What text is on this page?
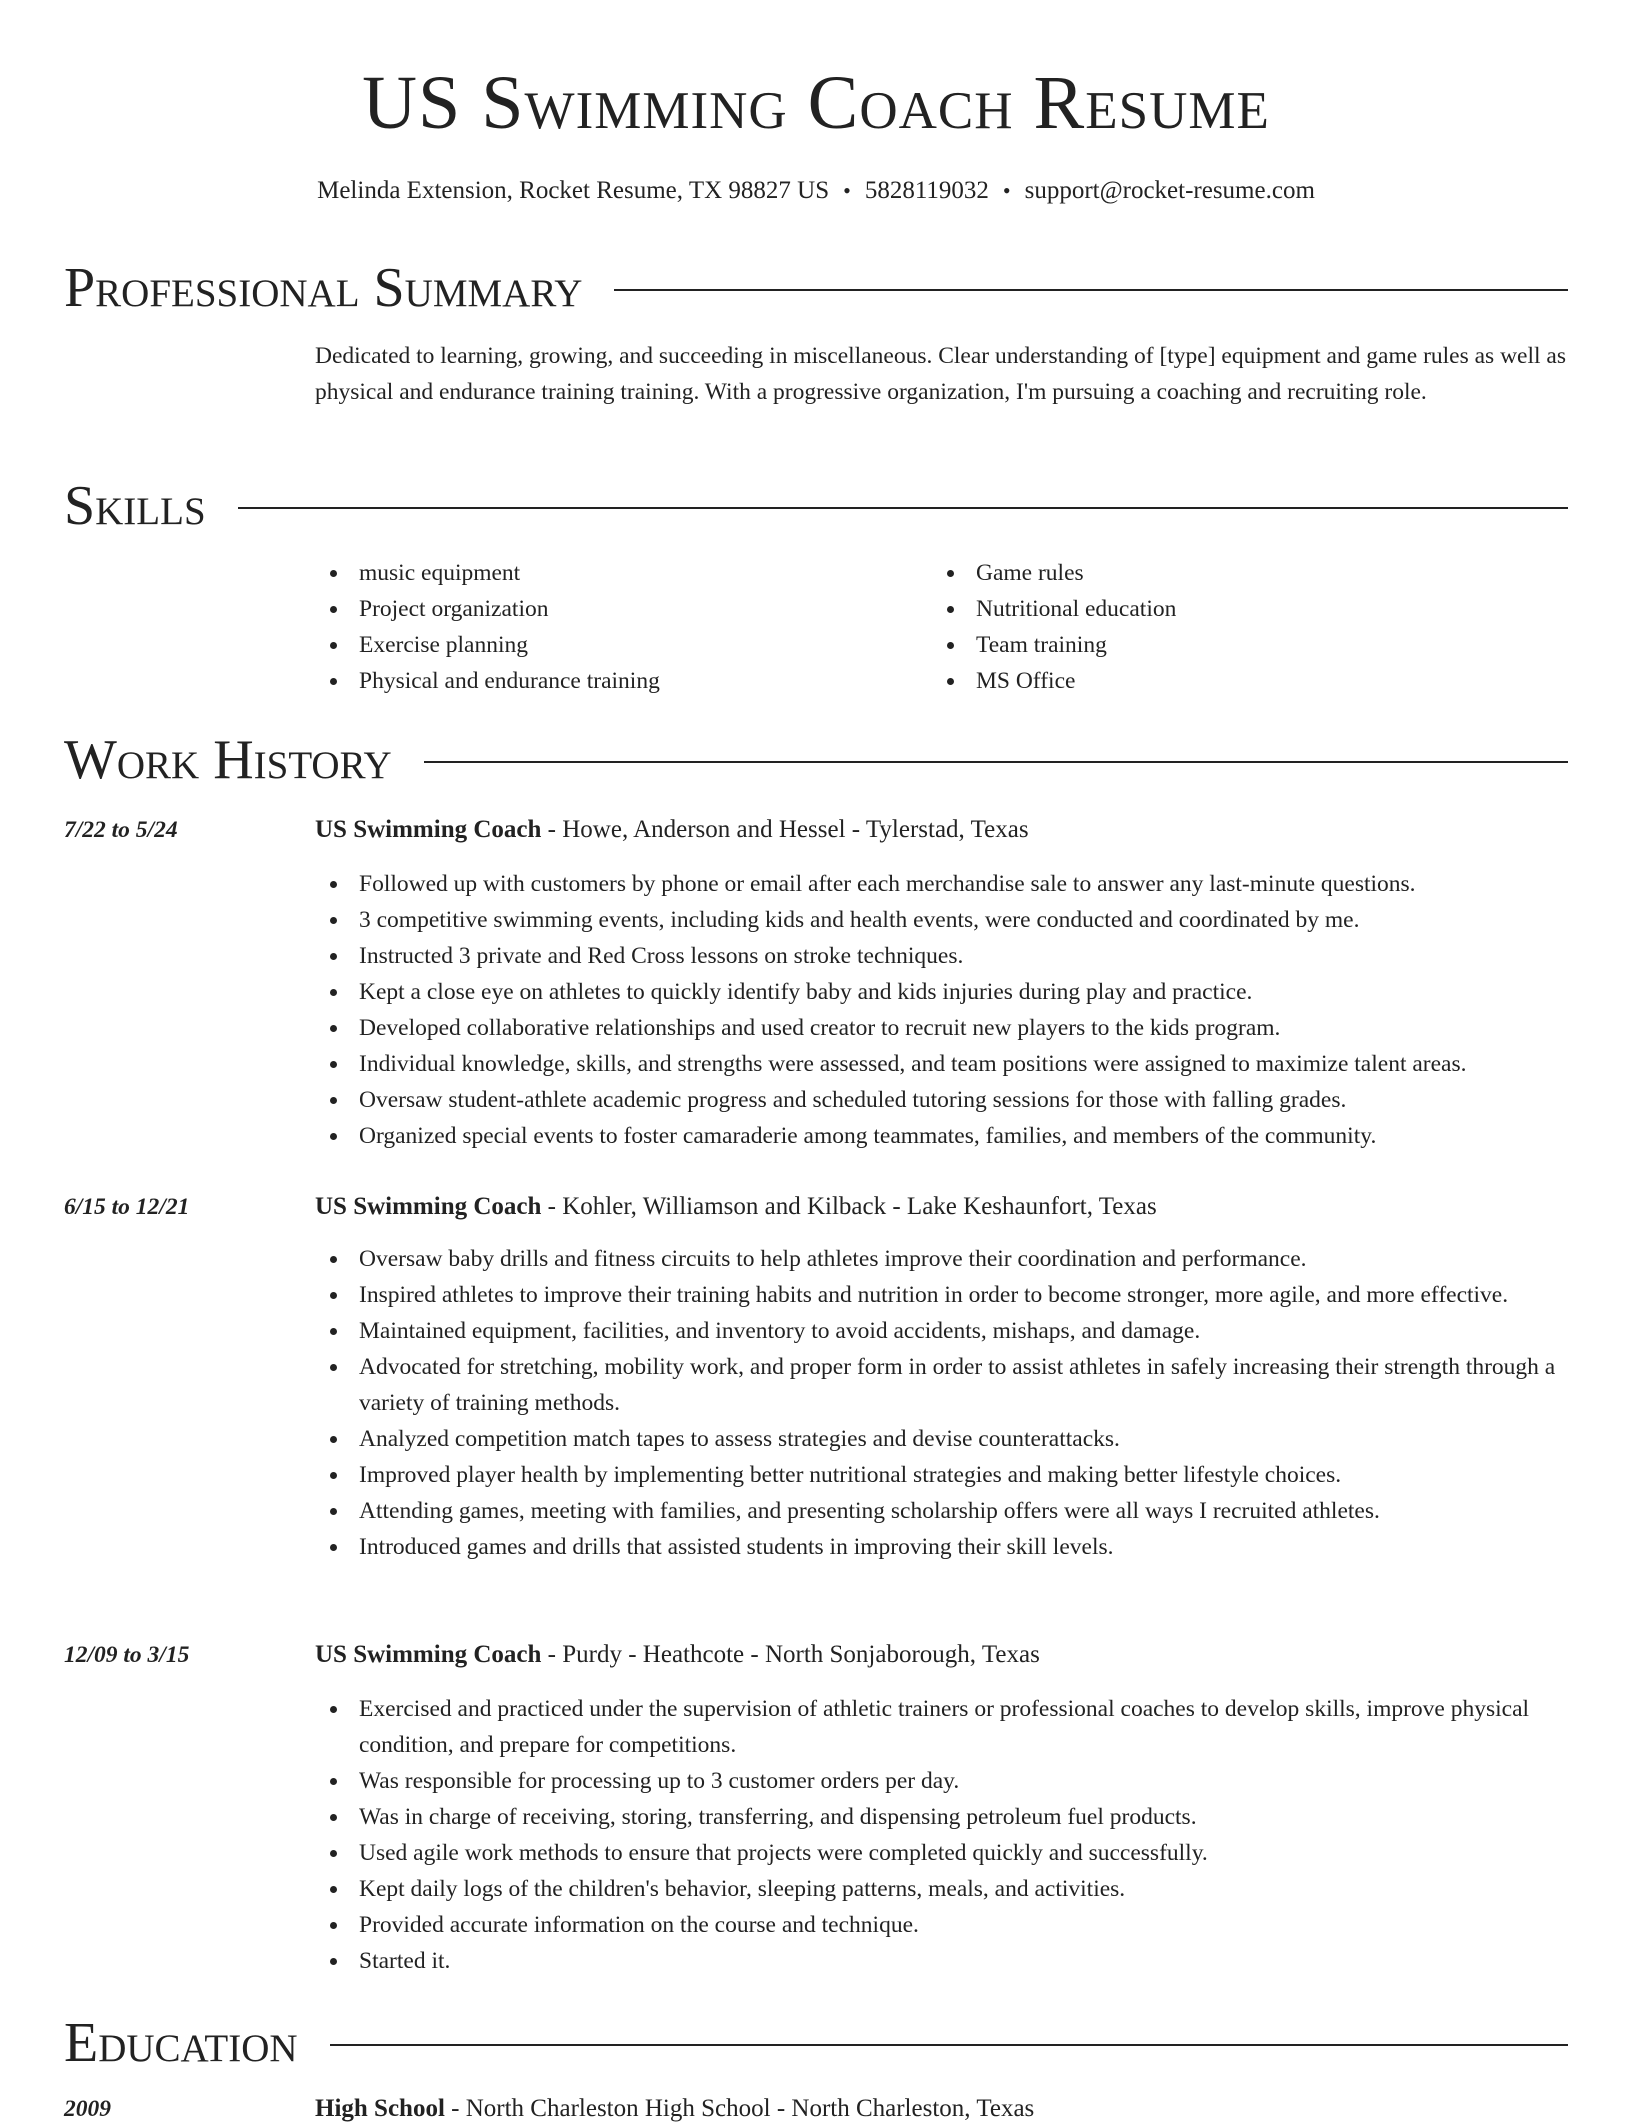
US Swimming Coach Resume
Melinda Extension, Rocket Resume, TX 98827 US • 5828119032 • support@rocket-resume.com
Professional Summary

Dedicated to learning, growing, and succeeding in miscellaneous. Clear understanding of [type] equipment and game rules as well as physical and endurance training training. With a progressive organization, I'm pursuing a coaching and recruiting role.

Skills
music equipment
Project organization
Exercise planning
Physical and endurance training
Game rules
Nutritional education
Team training
MS Office
Work History
7/22 to 5/24	US Swimming Coach - Howe, Anderson and Hessel - Tylerstad, Texas
Followed up with customers by phone or email after each merchandise sale to answer any last-minute questions.
3 competitive swimming events, including kids and health events, were conducted and coordinated by me.
Instructed 3 private and Red Cross lessons on stroke techniques.
Kept a close eye on athletes to quickly identify baby and kids injuries during play and practice.
Developed collaborative relationships and used creator to recruit new players to the kids program.
Individual knowledge, skills, and strengths were assessed, and team positions were assigned to maximize talent areas.
Oversaw student-athlete academic progress and scheduled tutoring sessions for those with falling grades.
Organized special events to foster camaraderie among teammates, families, and members of the community.
6/15 to 12/21	US Swimming Coach - Kohler, Williamson and Kilback - Lake Keshaunfort, Texas
Oversaw baby drills and fitness circuits to help athletes improve their coordination and performance.
Inspired athletes to improve their training habits and nutrition in order to become stronger, more agile, and more effective.
Maintained equipment, facilities, and inventory to avoid accidents, mishaps, and damage.
Advocated for stretching, mobility work, and proper form in order to assist athletes in safely increasing their strength through a variety of training methods.
Analyzed competition match tapes to assess strategies and devise counterattacks.
Improved player health by implementing better nutritional strategies and making better lifestyle choices.
Attending games, meeting with families, and presenting scholarship offers were all ways I recruited athletes.
Introduced games and drills that assisted students in improving their skill levels.
12/09 to 3/15	US Swimming Coach - Purdy - Heathcote - North Sonjaborough, Texas
Exercised and practiced under the supervision of athletic trainers or professional coaches to develop skills, improve physical condition, and prepare for competitions.
Was responsible for processing up to 3 customer orders per day.
Was in charge of receiving, storing, transferring, and dispensing petroleum fuel products.
Used agile work methods to ensure that projects were completed quickly and successfully.
Kept daily logs of the children's behavior, sleeping patterns, meals, and activities.
Provided accurate information on the course and technique.
Started it.
Education
2009	High School - North Charleston High School - North Charleston, Texas
